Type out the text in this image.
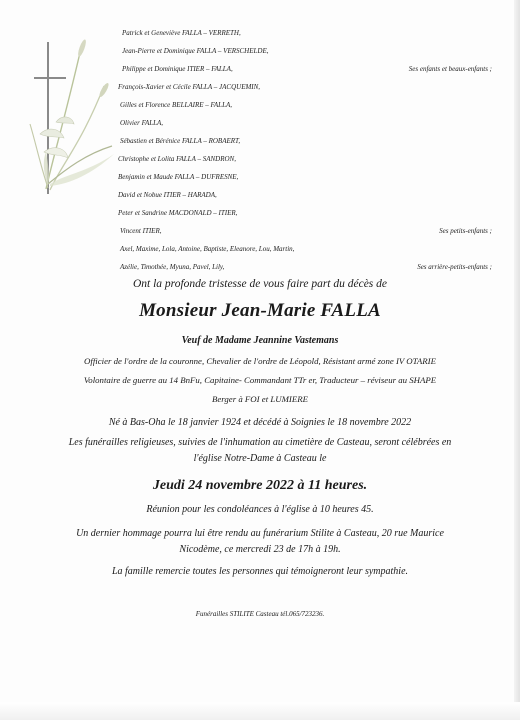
Patrick et Geneviève FALLA – VERRETH,
Jean-Pierre et Dominique FALLA – VERSCHELDE,
Philippe et Dominique ITIER – FALLA,
François-Xavier et Cécile FALLA – JACQUEMIN,
Gilles et Florence BELLAIRE – FALLA,
Olivier FALLA,
Sébastien et Bérénice FALLA – ROBAERT,
Christophe et Lolita FALLA – SANDRON,
Benjamin et Maude FALLA – DUFRESNE,
David et Nobue ITIER – HARADA,
Peter et Sandrine MACDONALD – ITIER,
Vincent ITIER,
Axel, Maxime, Lola, Antoine, Baptiste, Eleanore, Lou, Martin,
Azélie, Timothée, Myuna, Pavel, Lily,
Ses enfants et beaux-enfants ;
Ses petits-enfants ;
Ses arrière-petits-enfants ;
Ont la profonde tristesse de vous faire part du décès de
Monsieur Jean-Marie FALLA
Veuf de Madame Jeannine Vastemans
Officier de l'ordre de la couronne, Chevalier de l'ordre de Léopold, Résistant armé zone IV OTARIE
Volontaire de guerre au 14 BnFu, Capitaine- Commandant TTr er, Traducteur – réviseur au SHAPE
Berger à FOI et LUMIERE
Né à Bas-Oha le 18 janvier 1924 et décédé à Soignies le 18 novembre 2022
Les funérailles religieuses, suivies de l'inhumation au cimetière de Casteau, seront célébrées en
l'église Notre-Dame à Casteau le
Jeudi 24 novembre 2022 à 11 heures.
Réunion pour les condoléances à l'église à 10 heures 45.
Un dernier hommage pourra lui être rendu au funérarium Stilite à Casteau, 20 rue Maurice
Nicodème, ce mercredi 23 de 17h à 19h.
La famille remercie toutes les personnes qui témoigneront leur sympathie.
Funérailles STILITE Casteau tél.065/723236.
